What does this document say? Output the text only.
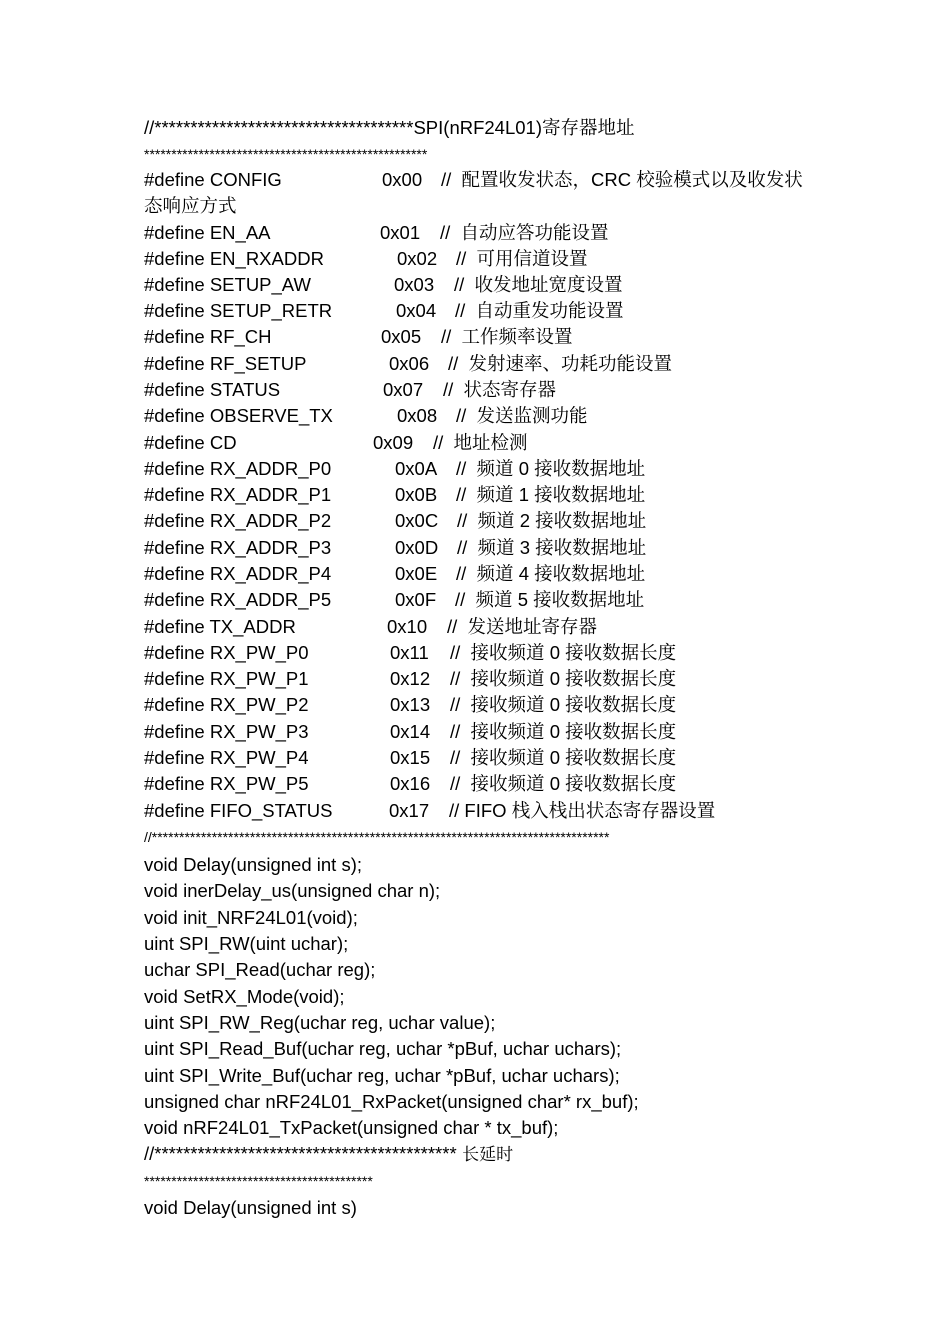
//************************************SPI(nRF24L01)寄存器地址
****************************************************
#define CONFIG	0x00 //  配置收发状态，CRC 校验模式以及收发状
态响应方式
#define EN_AA	0x01 //  自动应答功能设置
#define EN_RXADDR	0x02 //  可用信道设置
#define SETUP_AW	0x03 //  收发地址宽度设置
#define SETUP_RETR	0x04 //  自动重发功能设置
#define RF_CH	0x05 //  工作频率设置
#define RF_SETUP	0x06 //  发射速率、功耗功能设置
#define STATUS	0x07 //  状态寄存器
#define OBSERVE_TX	0x08 //  发送监测功能
#define CD	0x09 //  地址检测
#define RX_ADDR_P0	0x0A //  频道 0 接收数据地址
#define RX_ADDR_P1	0x0B //  频道 1 接收数据地址
#define RX_ADDR_P2	0x0C //  频道 2 接收数据地址
#define RX_ADDR_P3	0x0D //  频道 3 接收数据地址
#define RX_ADDR_P4	0x0E //  频道 4 接收数据地址
#define RX_ADDR_P5	0x0F //  频道 5 接收数据地址
#define TX_ADDR	0x10 //  发送地址寄存器
#define RX_PW_P0	0x11 //  接收频道 0 接收数据长度
#define RX_PW_P1	0x12 //  接收频道 0 接收数据长度
#define RX_PW_P2	0x13 //  接收频道 0 接收数据长度
#define RX_PW_P3	0x14 //  接收频道 0 接收数据长度
#define RX_PW_P4	0x15 //  接收频道 0 接收数据长度
#define RX_PW_P5	0x16 //  接收频道 0 接收数据长度
#define FIFO_STATUS	0x17 // FIFO 栈入栈出状态寄存器设置
//************************************************************************************
void Delay(unsigned int s);
void inerDelay_us(unsigned char n);
void init_NRF24L01(void);
uint SPI_RW(uint uchar);
uchar SPI_Read(uchar reg);
void SetRX_Mode(void);
uint SPI_RW_Reg(uchar reg, uchar value);
uint SPI_Read_Buf(uchar reg, uchar *pBuf, uchar uchars);
uint SPI_Write_Buf(uchar reg, uchar *pBuf, uchar uchars);
unsigned char nRF24L01_RxPacket(unsigned char* rx_buf);
void nRF24L01_TxPacket(unsigned char * tx_buf);
//****************************************** 长延时
******************************************
void Delay(unsigned int s)
